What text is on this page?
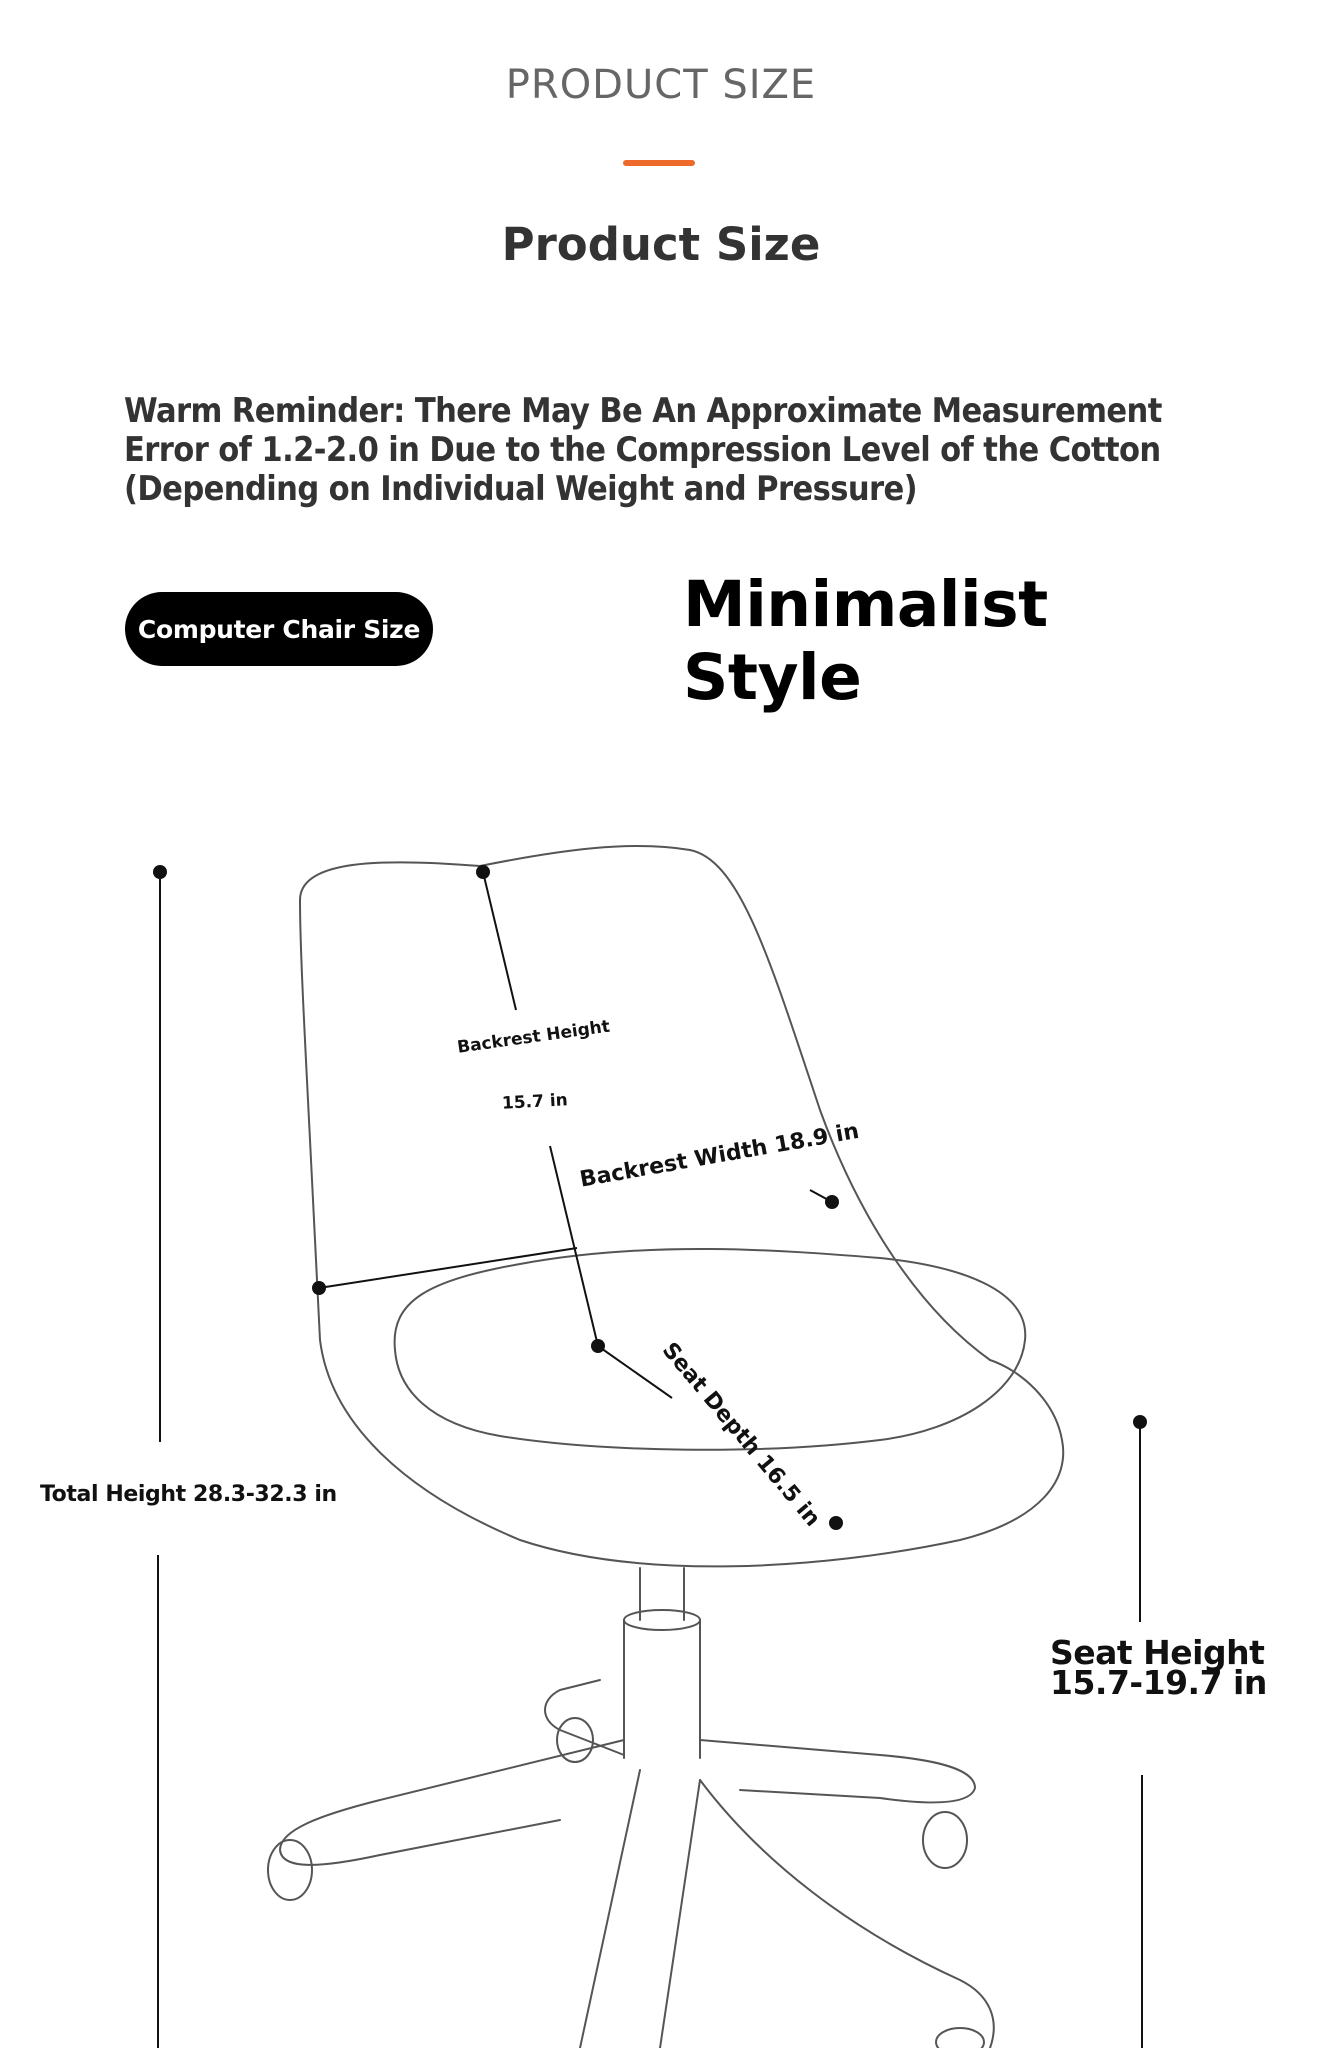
PRODUCT SIZE
Product Size
Warm Reminder: There May Be An Approximate Measurement Error of 1.2-2.0 in Due to the Compression Level of the Cotton (Depending on Individual Weight and Pressure)
Computer Chair Size	Minimalist Style
Backrest Height
15.7 in
Backrest Width 18.9 in
Seat Depth 16.5 in
Total Height 28.3-32.3 in
Seat Height 15.7-19.7 in
